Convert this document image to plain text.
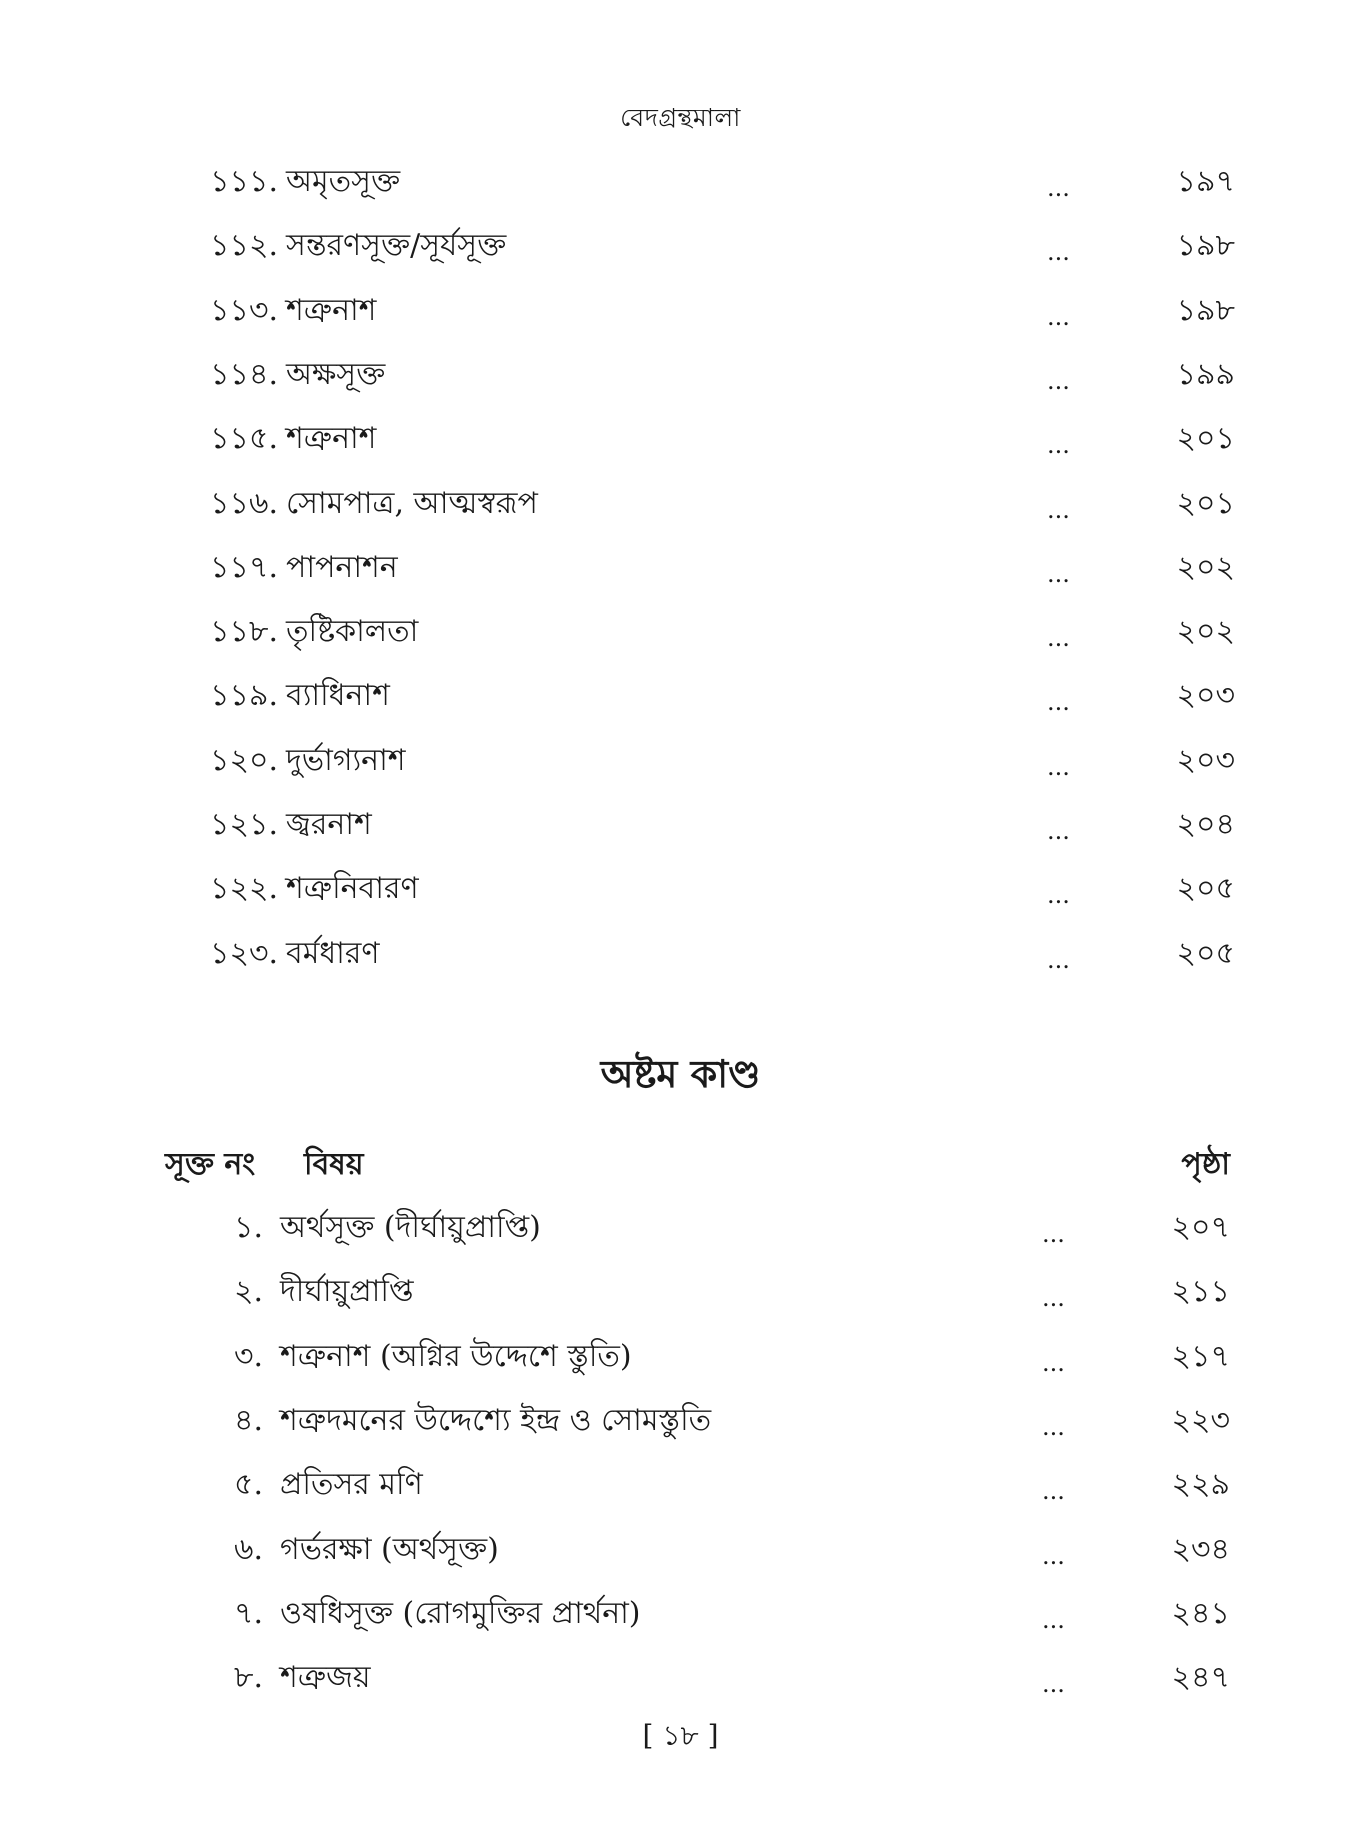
বেদগ্রন্থমালা
১১১. অমৃতসূক্ত	...	১৯৭
১১২. সন্তরণসূক্ত/সূর্যসূক্ত	...	১৯৮
১১৩. শত্রুনাশ	...	১৯৮
১১৪. অক্ষসূক্ত	...	১৯৯
১১৫. শত্রুনাশ	...	২০১
১১৬. সোমপাত্র, আত্মস্বরূপ	...	২০১
১১৭. পাপনাশন	...	২০২
১১৮. তৃষ্টিকালতা	...	২০২
১১৯. ব্যাধিনাশ	...	২০৩
১২০. দুর্ভাগ্যনাশ	...	২০৩
১২১. জ্বরনাশ	...	২০৪
১২২. শত্রুনিবারণ	...	২০৫
১২৩. বর্মধারণ	...	২০৫
অষ্টম কাণ্ড
সূক্ত নং বিষয়	পৃষ্ঠা
১. অর্থসূক্ত (দীর্ঘায়ুপ্রাপ্তি)	...	২০৭
২. দীর্ঘায়ুপ্রাপ্তি	...	২১১
৩. শত্রুনাশ (অগ্নির উদ্দেশে স্তুতি)	...	২১৭
৪. শত্রুদমনের উদ্দেশ্যে ইন্দ্র ও সোমস্তুতি	...	২২৩
৫. প্রতিসর মণি	...	২২৯
৬. গর্ভরক্ষা (অর্থসূক্ত)	...	২৩৪
৭. ওষধিসূক্ত (রোগমুক্তির প্রার্থনা)	...	২৪১
৮. শত্রুজয়	...	২৪৭
[ ১৮ ]
